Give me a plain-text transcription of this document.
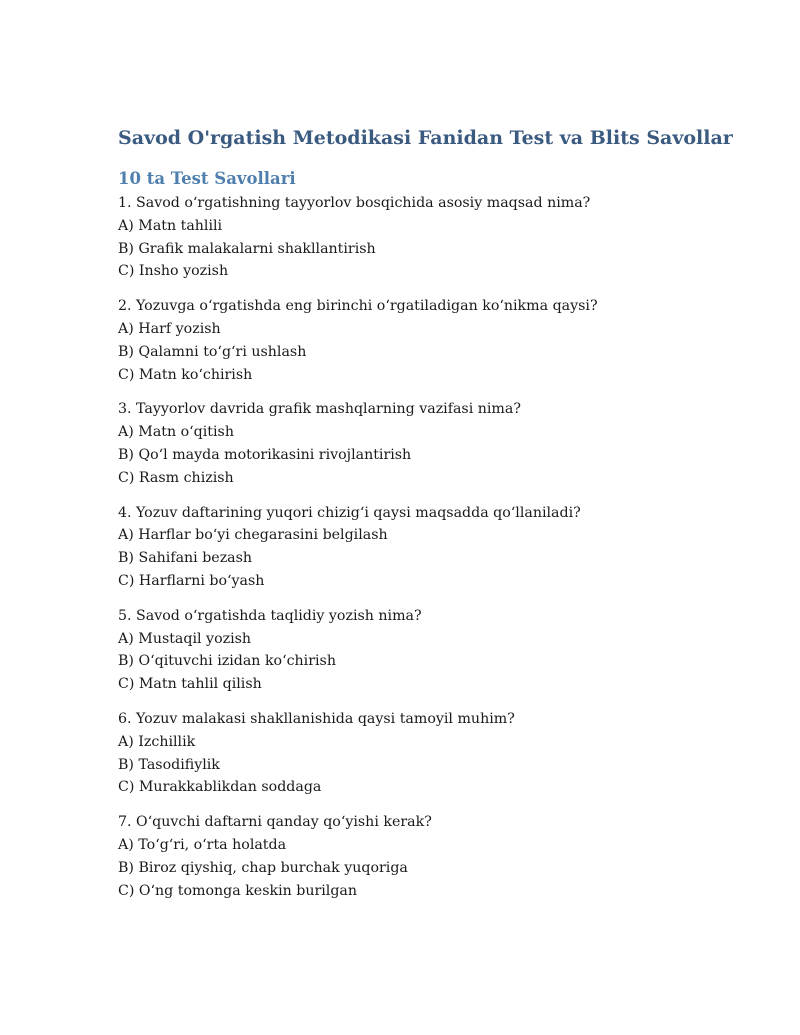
Savod O'rgatish Metodikasi Fanidan Test va Blits Savollar
10 ta Test Savollari
1. Savod o‘rgatishning tayyorlov bosqichida asosiy maqsad nima?
A) Matn tahlili
B) Grafik malakalarni shakllantirish
C) Insho yozish
2. Yozuvga o‘rgatishda eng birinchi o‘rgatiladigan ko‘nikma qaysi?
A) Harf yozish
B) Qalamni to‘g‘ri ushlash
C) Matn ko‘chirish
3. Tayyorlov davrida grafik mashqlarning vazifasi nima?
A) Matn o‘qitish
B) Qo‘l mayda motorikasini rivojlantirish
C) Rasm chizish
4. Yozuv daftarining yuqori chizig‘i qaysi maqsadda qo‘llaniladi?
A) Harflar bo‘yi chegarasini belgilash
B) Sahifani bezash
C) Harflarni bo‘yash
5. Savod o‘rgatishda taqlidiy yozish nima?
A) Mustaqil yozish
B) O‘qituvchi izidan ko‘chirish
C) Matn tahlil qilish
6. Yozuv malakasi shakllanishida qaysi tamoyil muhim?
A) Izchillik
B) Tasodifiylik
C) Murakkablikdan soddaga
7. O‘quvchi daftarni qanday qo‘yishi kerak?
A) To‘g‘ri, o‘rta holatda
B) Biroz qiyshiq, chap burchak yuqoriga
C) O‘ng tomonga keskin burilgan
